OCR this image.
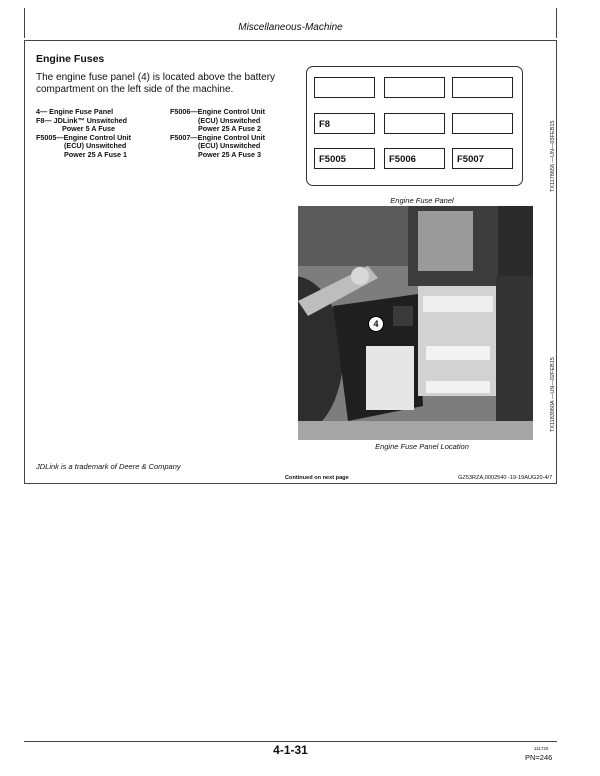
Miscellaneous-Machine
Engine Fuses
The engine fuse panel (4) is located above the battery compartment on the left side of the machine.
4— Engine Fuse Panel
F8— JDLink™ Unswitched
Power 5 A Fuse
F5005—Engine Control Unit
(ECU) Unswitched
Power 25 A Fuse 1
F5006—Engine Control Unit
(ECU) Unswitched
Power 25 A Fuse 2
F5007—Engine Control Unit
(ECU) Unswitched
Power 25 A Fuse 3
F8
F5005	F5006	F5007
Engine Fuse Panel
TX1178656 —UN—03FEB15
4
Engine Fuse Panel Location
TX1183960A —UN—02FEB15
JDLink is a trademark of Deere & Company
Continued on next page	GZ53RZA,0002540 -19-19AUG20-4/7
4-1-31	111720
PN=246
